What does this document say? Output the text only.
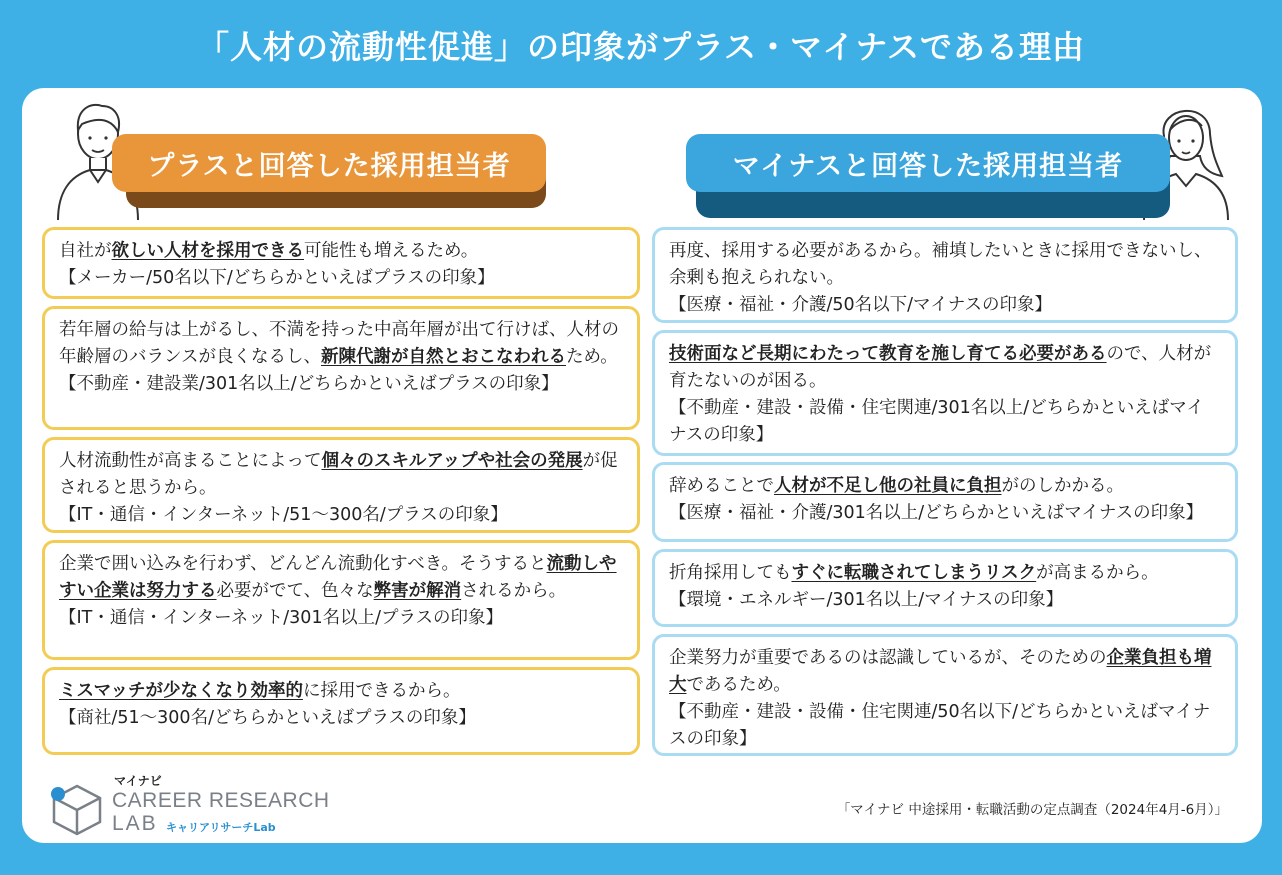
「人材の流動性促進」の印象がプラス・マイナスである理由
プラスと回答した採用担当者	マイナスと回答した採用担当者
自社が欲しい人材を採用できる可能性も増えるため。
【メーカー/50名以下/どちらかといえばプラスの印象】
若年層の給与は上がるし、不満を持った中高年層が出て行けば、人材の年齢層のバランスが良くなるし、新陳代謝が自然とおこなわれるため。
【不動産・建設業/301名以上/どちらかといえばプラスの印象】
人材流動性が高まることによって個々のスキルアップや社会の発展が促されると思うから。
【IT・通信・インターネット/51〜300名/プラスの印象】
企業で囲い込みを行わず、どんどん流動化すべき。そうすると流動しやすい企業は努力する必要がでて、色々な弊害が解消されるから。
【IT・通信・インターネット/301名以上/プラスの印象】
ミスマッチが少なくなり効率的に採用できるから。
【商社/51〜300名/どちらかといえばプラスの印象】
再度、採用する必要があるから。補填したいときに採用できないし、余剰も抱えられない。
【医療・福祉・介護/50名以下/マイナスの印象】
技術面など長期にわたって教育を施し育てる必要があるので、人材が育たないのが困る。
【不動産・建設・設備・住宅関連/301名以上/どちらかといえばマイナスの印象】
辞めることで人材が不足し他の社員に負担がのしかかる。
【医療・福祉・介護/301名以上/どちらかといえばマイナスの印象】
折角採用してもすぐに転職されてしまうリスクが高まるから。
【環境・エネルギー/301名以上/マイナスの印象】
企業努力が重要であるのは認識しているが、そのための企業負担も増大であるため。
【不動産・建設・設備・住宅関連/50名以下/どちらかといえばマイナスの印象】
マイナビ
CAREER RESEARCH
LAB キャリアリサーチLab
「マイナビ 中途採用・転職活動の定点調査（2024年4月-6月）」
